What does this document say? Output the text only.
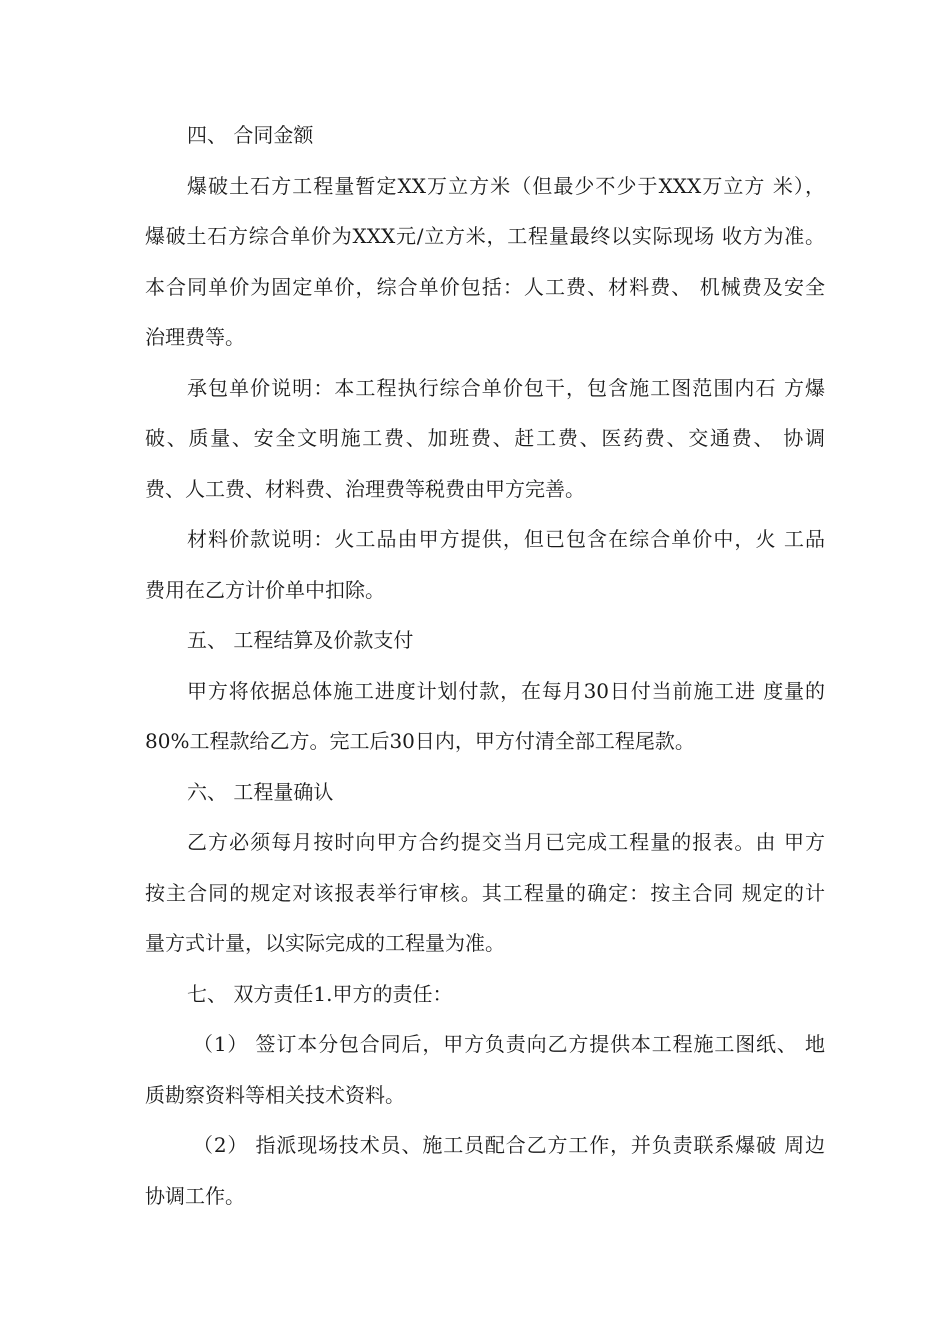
四、 合同金额
爆破土石方工程量暂定XX万立方米（但最少不少于XXX万立方 米），
爆破土石方综合单价为XXX元/立方米，工程量最终以实际现场 收方为准。
本合同单价为固定单价，综合单价包括：人工费、材料费、 机械费及安全
治理费等。
承包单价说明：本工程执行综合单价包干，包含施工图范围内石 方爆
破、质量、安全文明施工费、加班费、赶工费、医药费、交通费、 协调
费、人工费、材料费、治理费等税费由甲方完善。
材料价款说明：火工品由甲方提供，但已包含在综合单价中，火 工品
费用在乙方计价单中扣除。
五、 工程结算及价款支付
甲方将依据总体施工进度计划付款，在每月30日付当前施工进 度量的
80%工程款给乙方。完工后30日内，甲方付清全部工程尾款。
六、 工程量确认
乙方必须每月按时向甲方合约提交当月已完成工程量的报表。由 甲方
按主合同的规定对该报表举行审核。其工程量的确定：按主合同 规定的计
量方式计量，以实际完成的工程量为准。
七、 双方责任1.甲方的责任：
（1） 签订本分包合同后，甲方负责向乙方提供本工程施工图纸、 地
质勘察资料等相关技术资料。
（2） 指派现场技术员、施工员配合乙方工作，并负责联系爆破 周边
协调工作。
